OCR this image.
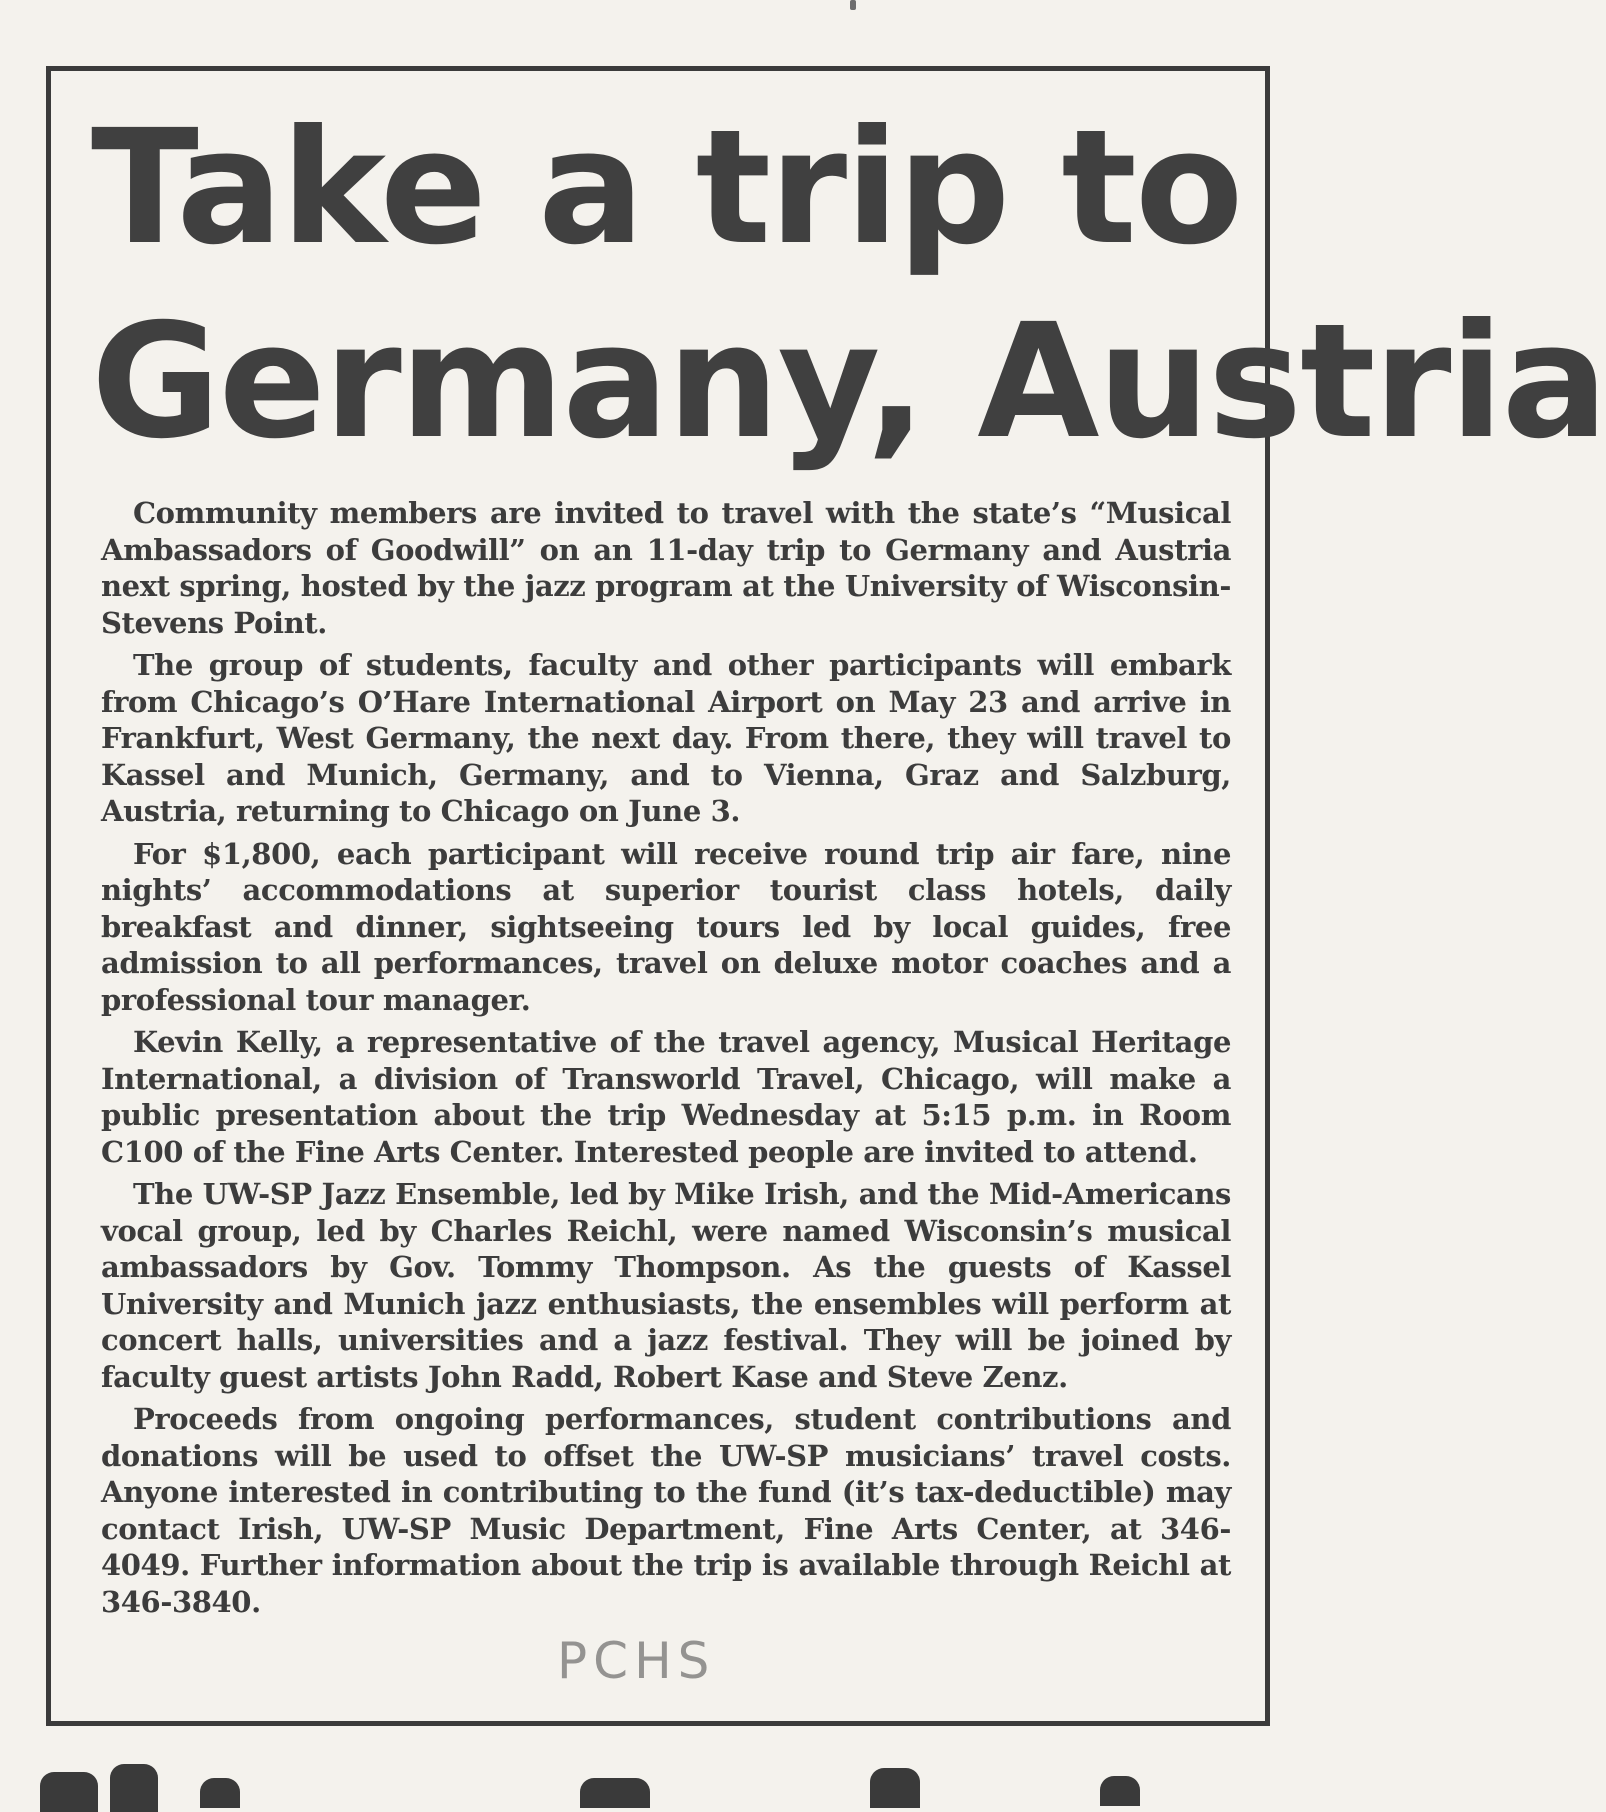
Take a trip to
Germany, Austria

Community members are invited to travel with the state’s “Musical Ambassadors of Goodwill” on an 11-day trip to Germany and Austria next spring, hosted by the jazz program at the University of Wisconsin-Stevens Point.

The group of students, faculty and other participants will embark from Chicago’s O’Hare International Airport on May 23 and arrive in Frankfurt, West Germany, the next day. From there, they will travel to Kassel and Munich, Germany, and to Vienna, Graz and Salzburg, Austria, returning to Chicago on June 3.

For $1,800, each participant will receive round trip air fare, nine nights’ accommodations at superior tourist class hotels, daily breakfast and dinner, sightseeing tours led by local guides, free admission to all performances, travel on deluxe motor coaches and a professional tour manager.

Kevin Kelly, a representative of the travel agency, Musical Heritage International, a division of Transworld Travel, Chicago, will make a public presentation about the trip Wednesday at 5:15 p.m. in Room C100 of the Fine Arts Center. Interested people are invited to attend.

The UW-SP Jazz Ensemble, led by Mike Irish, and the Mid-Americans vocal group, led by Charles Reichl, were named Wisconsin’s musical ambassadors by Gov. Tommy Thompson. As the guests of Kassel University and Munich jazz enthusiasts, the ensembles will perform at concert halls, universities and a jazz festival. They will be joined by faculty guest artists John Radd, Robert Kase and Steve Zenz.

Proceeds from ongoing performances, student contributions and donations will be used to offset the UW-SP musicians’ travel costs. Anyone interested in contributing to the fund (it’s tax-deductible) may contact Irish, UW-SP Music Department, Fine Arts Center, at 346-4049. Further information about the trip is available through Reichl at 346-3840.

PCHS
